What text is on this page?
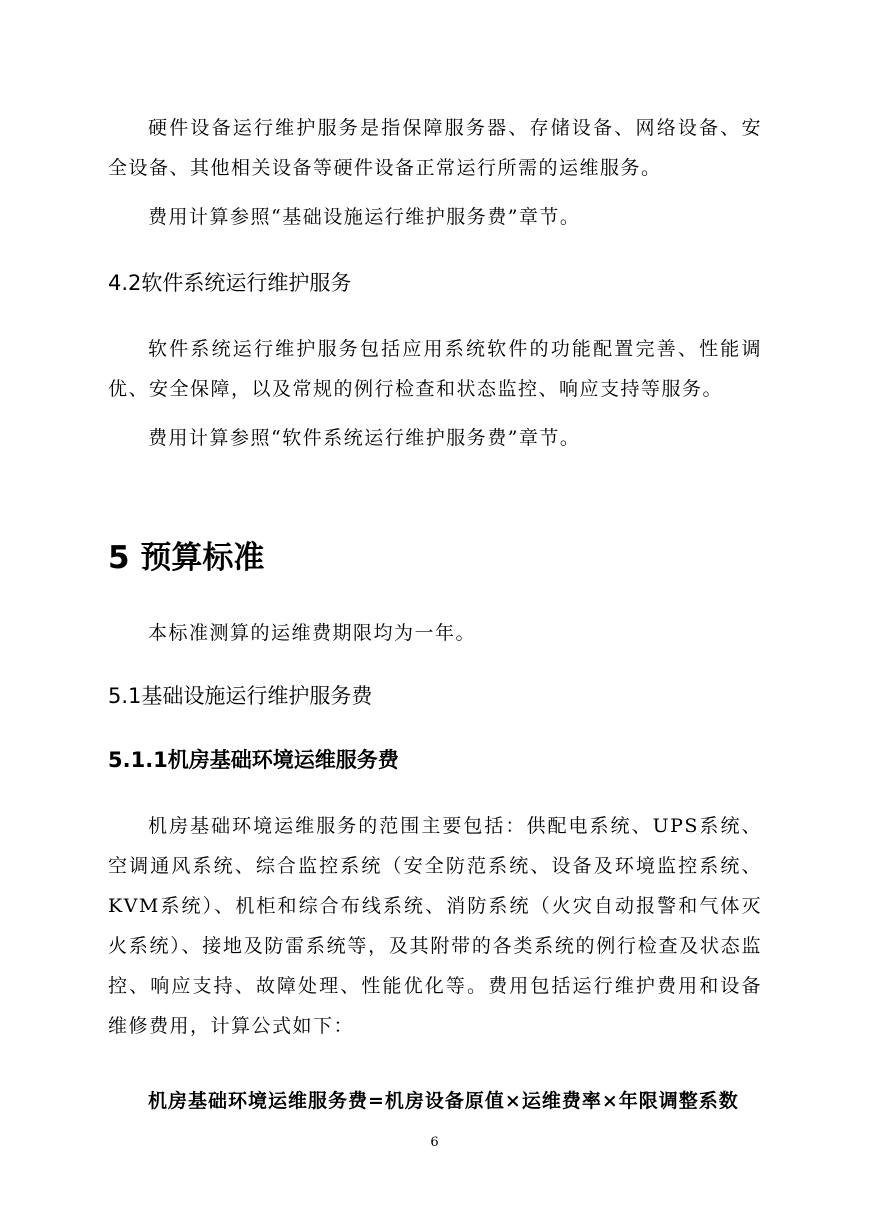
硬件设备运行维护服务是指保障服务器、存储设备、网络设备、安全设备、其他相关设备等硬件设备正常运行所需的运维服务。

费用计算参照“基础设施运行维护服务费”章节。

4.2软件系统运行维护服务

软件系统运行维护服务包括应用系统软件的功能配置完善、性能调优、安全保障，以及常规的例行检查和状态监控、响应支持等服务。

费用计算参照“软件系统运行维护服务费”章节。

5 预算标准

本标准测算的运维费期限均为一年。

5.1基础设施运行维护服务费
5.1.1机房基础环境运维服务费

机房基础环境运维服务的范围主要包括：供配电系统、UPS系统、空调通风系统、综合监控系统（安全防范系统、设备及环境监控系统、KVM系统）、机柜和综合布线系统、消防系统（火灾自动报警和气体灭火系统）、接地及防雷系统等，及其附带的各类系统的例行检查及状态监控、响应支持、故障处理、性能优化等。费用包括运行维护费用和设备维修费用，计算公式如下：

机房基础环境运维服务费=机房设备原值×运维费率×年限调整系数
6
